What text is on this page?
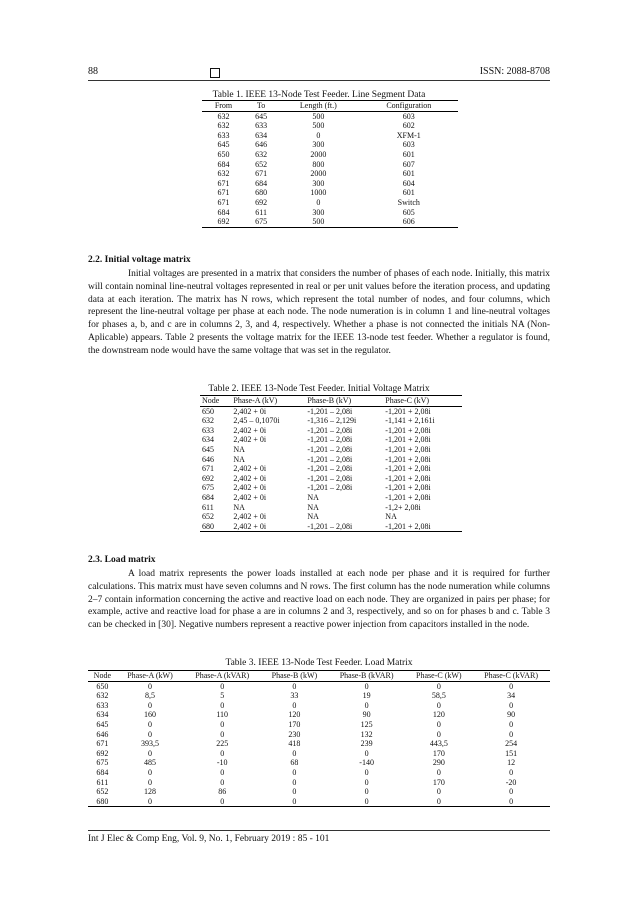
88	ISSN: 2088-8708
Table 1. IEEE 13-Node Test Feeder. Line Segment Data
From	To	Length (ft.)	Configuration
632	645	500	603
632	633	500	602
633	634	0	XFM-1
645	646	300	603
650	632	2000	601
684	652	800	607
632	671	2000	601
671	684	300	604
671	680	1000	601
671	692	0	Switch
684	611	300	605
692	675	500	606
2.2. Initial voltage matrix

Initial voltages are presented in a matrix that considers the number of phases of each node. Initially, this matrix will contain nominal line-neutral voltages represented in real or per unit values before the iteration process, and updating data at each iteration. The matrix has N rows, which represent the total number of nodes, and four columns, which represent the line-neutral voltage per phase at each node. The node numeration is in column 1 and line-neutral voltages for phases a, b, and c are in columns 2, 3, and 4, respectively. Whether a phase is not connected the initials NA (Non-Aplicable) appears. Table 2 presents the voltage matrix for the IEEE 13-node test feeder. Whether a regulator is found, the downstream node would have the same voltage that was set in the regulator.

Table 2. IEEE 13-Node Test Feeder. Initial Voltage Matrix
Node	Phase-A (kV)	Phase-B (kV)	Phase-C (kV)
650	2,402 + 0i	-1,201 – 2,08i	-1,201 + 2,08i
632	2,45 – 0,1070i	-1,316 – 2,129i	-1,141 + 2,161i
633	2,402 + 0i	-1,201 – 2,08i	-1,201 + 2,08i
634	2,402 + 0i	-1,201 – 2,08i	-1,201 + 2,08i
645	NA	-1,201 – 2,08i	-1,201 + 2,08i
646	NA	-1,201 – 2,08i	-1,201 + 2,08i
671	2,402 + 0i	-1,201 – 2,08i	-1,201 + 2,08i
692	2,402 + 0i	-1,201 – 2,08i	-1,201 + 2,08i
675	2,402 + 0i	-1,201 – 2,08i	-1,201 + 2,08i
684	2,402 + 0i	NA	-1,201 + 2,08i
611	NA	NA	-1,2+ 2,08i
652	2,402 + 0i	NA	NA
680	2,402 + 0i	-1,201 – 2,08i	-1,201 + 2,08i
2.3. Load matrix

A load matrix represents the power loads installed at each node per phase and it is required for further calculations. This matrix must have seven columns and N rows. The first column has the node numeration while columns 2–7 contain information concerning the active and reactive load on each node. They are organized in pairs per phase; for example, active and reactive load for phase a are in columns 2 and 3, respectively, and so on for phases b and c. Table 3 can be checked in [30]. Negative numbers represent a reactive power injection from capacitors installed in the node.

Table 3. IEEE 13-Node Test Feeder. Load Matrix
Node	Phase-A (kW)	Phase-A (kVAR)	Phase-B (kW)	Phase-B (kVAR)	Phase-C (kW)	Phase-C (kVAR)
650	0	0	0	0	0	0
632	8,5	5	33	19	58,5	34
633	0	0	0	0	0	0
634	160	110	120	90	120	90
645	0	0	170	125	0	0
646	0	0	230	132	0	0
671	393,5	225	418	239	443,5	254
692	0	0	0	0	170	151
675	485	-10	68	-140	290	12
684	0	0	0	0	0	0
611	0	0	0	0	170	-20
652	128	86	0	0	0	0
680	0	0	0	0	0	0
Int J Elec & Comp Eng, Vol. 9, No. 1, February 2019 : 85 - 101
